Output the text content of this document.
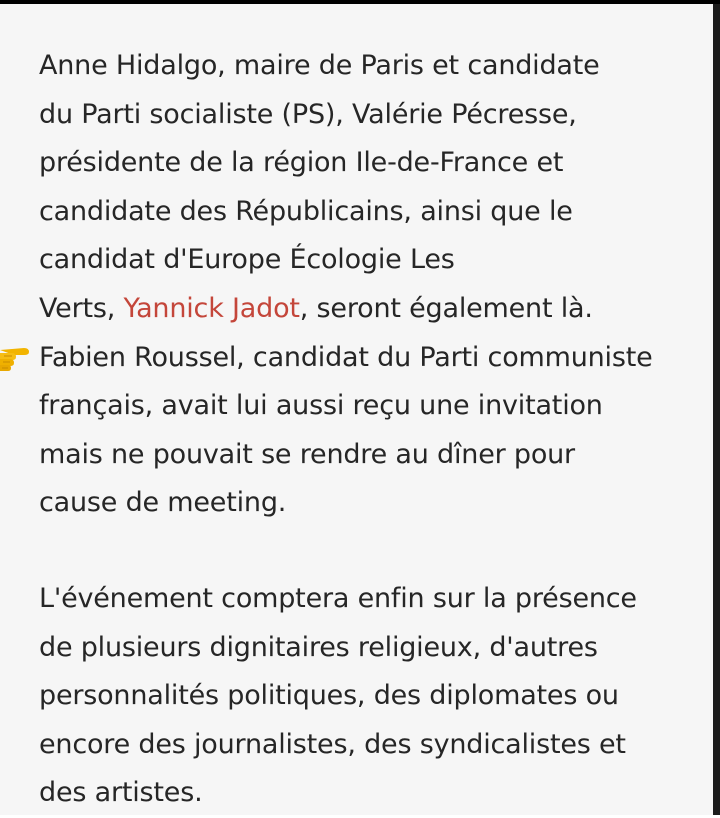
Anne Hidalgo, maire de Paris et candidate
du Parti socialiste (PS), Valérie Pécresse,
présidente de la région Ile-de-France et
candidate des Républicains, ainsi que le
candidat d'Europe Écologie Les
Verts, Yannick Jadot, seront également là.
Fabien Roussel, candidat du Parti communiste
français, avait lui aussi reçu une invitation
mais ne pouvait se rendre au dîner pour
cause de meeting.
L'événement comptera enfin sur la présence
de plusieurs dignitaires religieux, d'autres
personnalités politiques, des diplomates ou
encore des journalistes, des syndicalistes et
des artistes.
